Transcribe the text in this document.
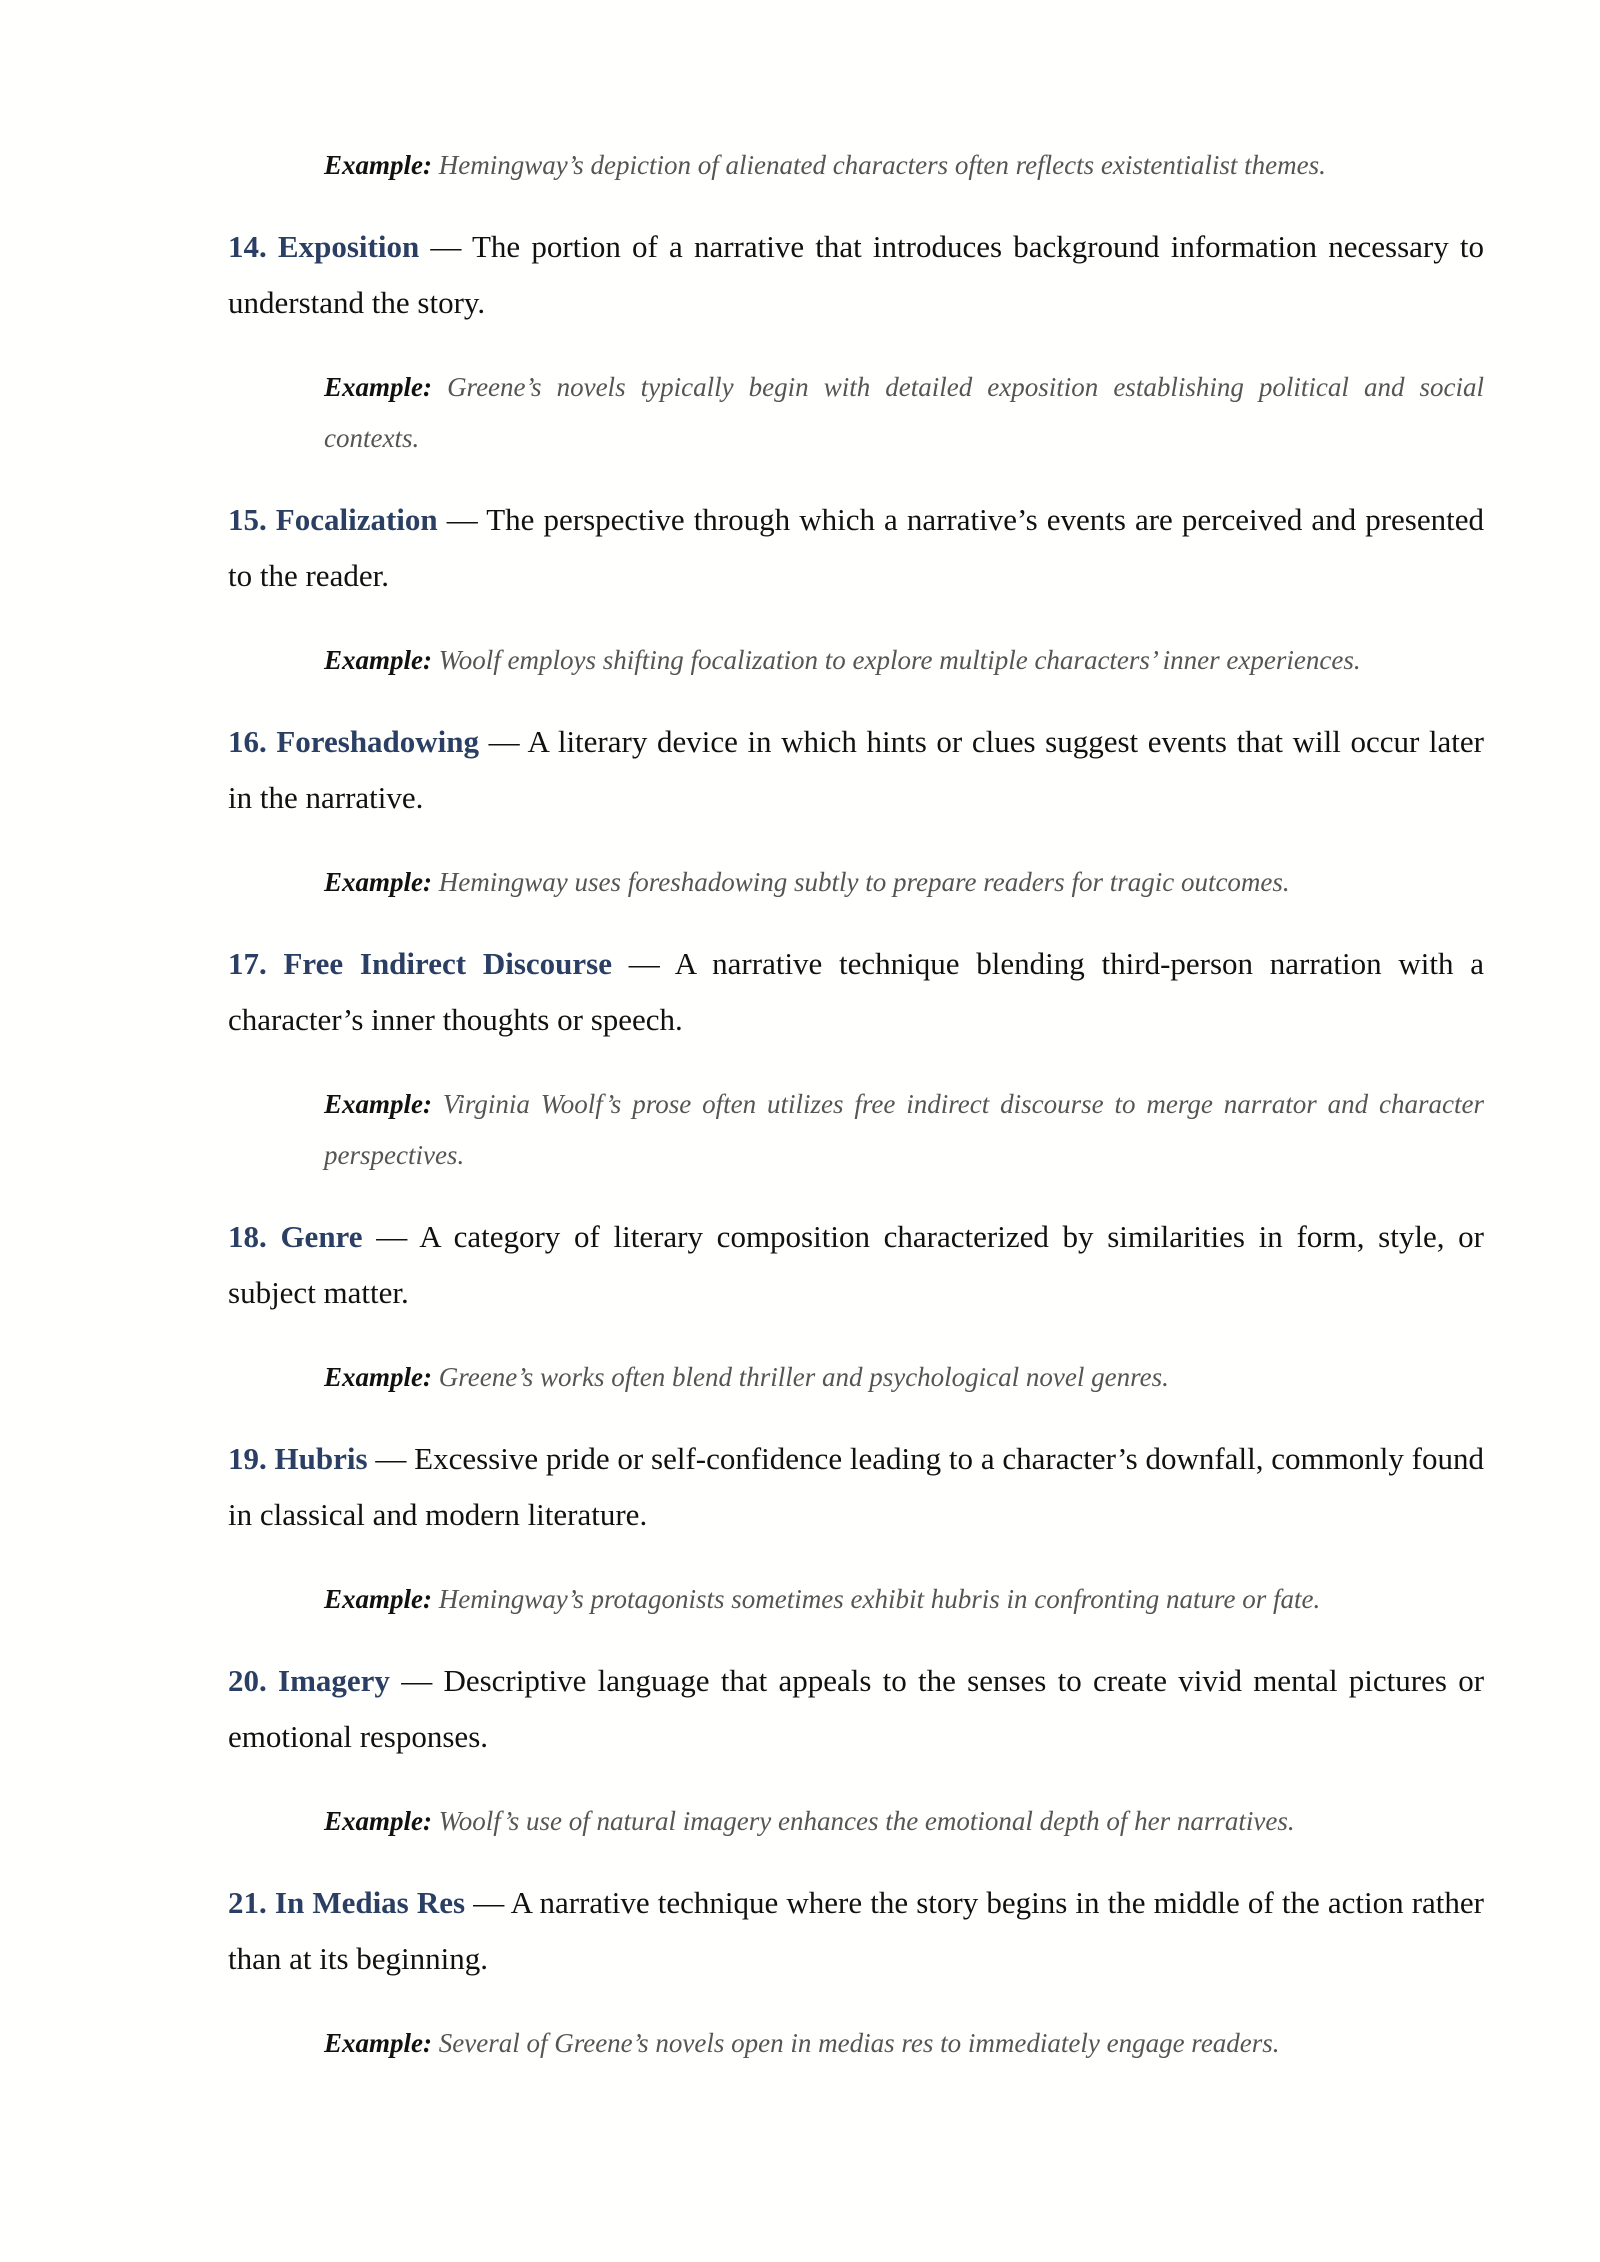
Example: Hemingway’s depiction of alienated characters often reflects existentialist themes.

14. Exposition — The portion of a narrative that introduces background information necessary to understand the story.

Example: Greene’s novels typically begin with detailed exposition establishing political and social contexts.

15. Focalization — The perspective through which a narrative’s events are perceived and presented to the reader.

Example: Woolf employs shifting focalization to explore multiple characters’ inner experiences.

16. Foreshadowing — A literary device in which hints or clues suggest events that will occur later in the narrative.

Example: Hemingway uses foreshadowing subtly to prepare readers for tragic outcomes.

17. Free Indirect Discourse — A narrative technique blending third-person narration with a character’s inner thoughts or speech.

Example: Virginia Woolf’s prose often utilizes free indirect discourse to merge narrator and character perspectives.

18. Genre — A category of literary composition characterized by similarities in form, style, or subject matter.

Example: Greene’s works often blend thriller and psychological novel genres.

19. Hubris — Excessive pride or self-confidence leading to a character’s downfall, commonly found in classical and modern literature.

Example: Hemingway’s protagonists sometimes exhibit hubris in confronting nature or fate.

20. Imagery — Descriptive language that appeals to the senses to create vivid mental pictures or emotional responses.

Example: Woolf’s use of natural imagery enhances the emotional depth of her narratives.

21. In Medias Res — A narrative technique where the story begins in the middle of the action rather than at its beginning.

Example: Several of Greene’s novels open in medias res to immediately engage readers.
